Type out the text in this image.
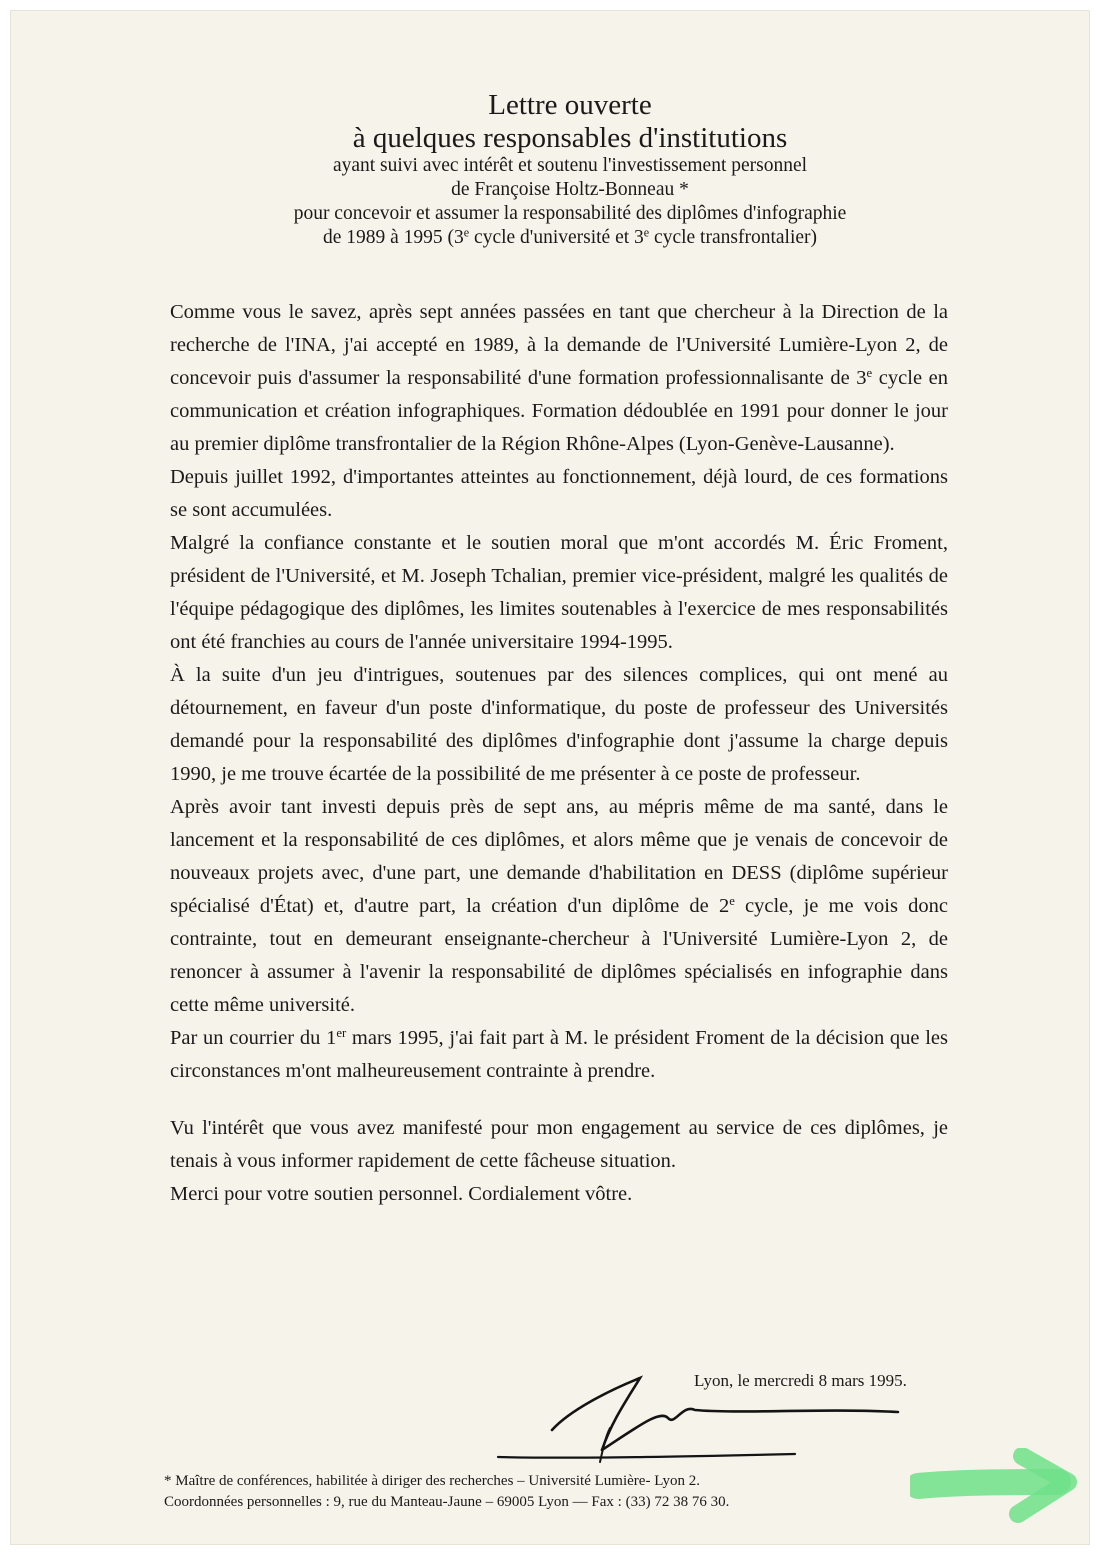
Lettre ouverte
à quelques responsables d'institutions
ayant suivi avec intérêt et soutenu l'investissement personnel
de Françoise Holtz-Bonneau *
pour concevoir et assumer la responsabilité des diplômes d'infographie
de 1989 à 1995 (3e cycle d'université et 3e cycle transfrontalier)

Comme vous le savez, après sept années passées en tant que chercheur à la Direction de la recherche de l'INA, j'ai accepté en 1989, à la demande de l'Université Lumière-Lyon 2, de concevoir puis d'assumer la responsabilité d'une formation professionnalisante de 3e cycle en communication et création infographiques. Formation dédoublée en 1991 pour donner le jour au premier diplôme transfrontalier de la Région Rhône-Alpes (Lyon-Genève-Lausanne).

Depuis juillet 1992, d'importantes atteintes au fonctionnement, déjà lourd, de ces formations se sont accumulées.

Malgré la confiance constante et le soutien moral que m'ont accordés M. Éric Froment, président de l'Université, et M. Joseph Tchalian, premier vice-président, malgré les qualités de l'équipe pédagogique des diplômes, les limites soutenables à l'exercice de mes responsabilités ont été franchies au cours de l'année universitaire 1994-1995.

À la suite d'un jeu d'intrigues, soutenues par des silences complices, qui ont mené au détournement, en faveur d'un poste d'informatique, du poste de professeur des Universités demandé pour la responsabilité des diplômes d'infographie dont j'assume la charge depuis 1990, je me trouve écartée de la possibilité de me présenter à ce poste de professeur.

Après avoir tant investi depuis près de sept ans, au mépris même de ma santé, dans le lancement et la responsabilité de ces diplômes, et alors même que je venais de concevoir de nouveaux projets avec, d'une part, une demande d'habilitation en DESS (diplôme supérieur spécialisé d'État) et, d'autre part, la création d'un diplôme de 2e cycle, je me vois donc contrainte, tout en demeurant enseignante-chercheur à l'Université Lumière-Lyon 2, de renoncer à assumer à l'avenir la responsabilité de diplômes spécialisés en infographie dans cette même université.

Par un courrier du 1er mars 1995, j'ai fait part à M. le président Froment de la décision que les circonstances m'ont malheureusement contrainte à prendre.

Vu l'intérêt que vous avez manifesté pour mon engagement au service de ces diplômes, je tenais à vous informer rapidement de cette fâcheuse situation.

Merci pour votre soutien personnel. Cordialement vôtre.

Lyon, le mercredi 8 mars 1995.
* Maître de conférences, habilitée à diriger des recherches – Université Lumière- Lyon 2.
Coordonnées personnelles : 9, rue du Manteau-Jaune – 69005 Lyon — Fax : (33) 72 38 76 30.
